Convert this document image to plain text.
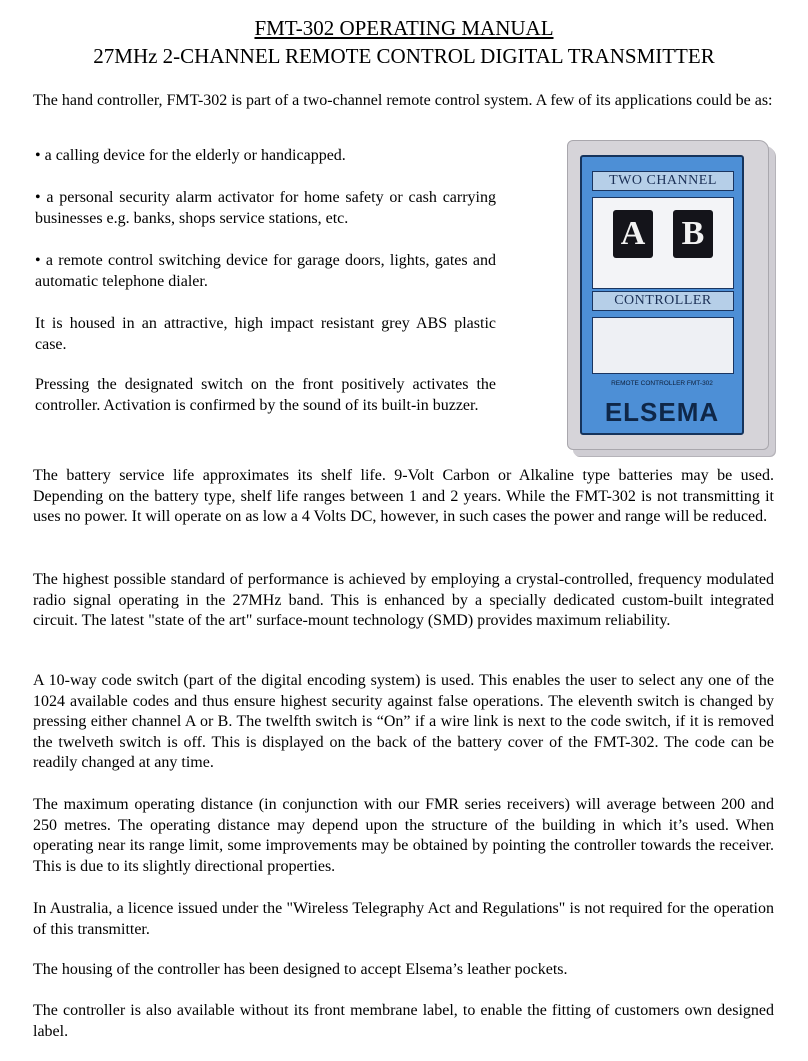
FMT-302 OPERATING MANUAL
27MHz 2-CHANNEL REMOTE CONTROL DIGITAL TRANSMITTER

The hand controller, FMT-302 is part of a two-channel remote control system. A few of its applications could be as:

• a calling device for the elderly or handicapped.

• a personal security alarm activator for home safety or cash carrying businesses e.g. banks, shops service stations, etc.

• a remote control switching device for garage doors, lights, gates and automatic telephone dialer.

It is housed in an attractive, high impact resistant grey ABS plastic case.

Pressing the designated switch on the front positively activates the controller. Activation is confirmed by the sound of its built-in buzzer.

TWO CHANNEL
A B
CONTROLLER
REMOTE CONTROLLER FMT-302
ELSEMA

The battery service life approximates its shelf life. 9-Volt Carbon or Alkaline type batteries may be used. Depending on the battery type, shelf life ranges between 1 and 2 years. While the FMT-302 is not transmitting it uses no power. It will operate on as low a 4 Volts DC, however, in such cases the power and range will be reduced.

The highest possible standard of performance is achieved by employing a crystal-controlled, frequency modulated radio signal operating in the 27MHz band. This is enhanced by a specially dedicated custom-built integrated circuit. The latest "state of the art" surface-mount technology (SMD) provides maximum reliability.

A 10-way code switch (part of the digital encoding system) is used. This enables the user to select any one of the 1024 available codes and thus ensure highest security against false operations. The eleventh switch is changed by pressing either channel A or B. The twelfth switch is “On” if a wire link is next to the code switch, if it is removed the twelveth switch is off. This is displayed on the back of the battery cover of the FMT-302. The code can be readily changed at any time.

The maximum operating distance (in conjunction with our FMR series receivers) will average between 200 and 250 metres. The operating distance may depend upon the structure of the building in which it’s used. When operating near its range limit, some improvements may be obtained by pointing the controller towards the receiver. This is due to its slightly directional properties.

In Australia, a licence issued under the "Wireless Telegraphy Act and Regulations" is not required for the operation of this transmitter.

The housing of the controller has been designed to accept Elsema’s leather pockets.

The controller is also available without its front membrane label, to enable the fitting of customers own designed label.
